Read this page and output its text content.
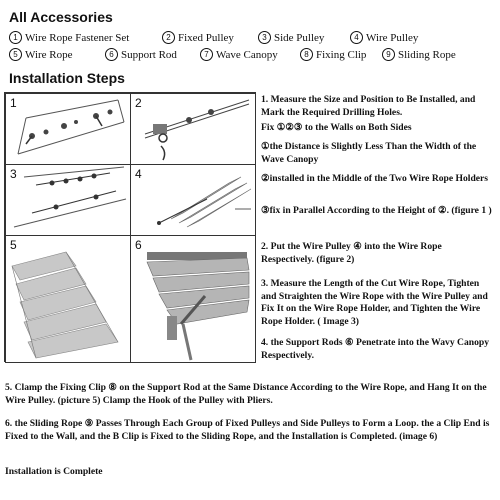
All Accessories
1 Wire Rope Fastener Set	2 Fixed Pulley	3 Side Pulley	4 Wire Pulley
5 Wire Rope	6 Support Rod	7 Wave Canopy	8 Fixing Clip	9 Sliding Rope
Installation Steps
1	2
3	4
5	6
1. Measure the Size and Position to Be Installed, and Mark the Required Drilling Holes.
Fix ①②③ to the Walls on Both Sides
①the Distance is Slightly Less Than the Width of the Wave Canopy
②installed in the Middle of the Two Wire Rope Holders
③fix in Parallel According to the Height of ②. (figure 1 )
2. Put the Wire Pulley ④ into the Wire Rope Respectively. (figure 2)
3. Measure the Length of the Cut Wire Rope, Tighten and Straighten the Wire Rope with the Wire Pulley and Fix It on the Wire Rope Holder, and Tighten the Wire Rope Holder. ( Image 3)
4. the Support Rods ⑥ Penetrate into the Wavy Canopy Respectively.
5. Clamp the Fixing Clip ⑧ on the Support Rod at the Same Distance According to the Wire Rope, and Hang It on the Wire Pulley. (picture 5) Clamp the Hook of the Pulley with Pliers.
6. the Sliding Rope ⑨ Passes Through Each Group of Fixed Pulleys and Side Pulleys to Form a Loop. the a Clip End is Fixed to the Wall, and the B Clip is Fixed to the Sliding Rope, and the Installation is Completed. (image 6)
Installation is Complete
